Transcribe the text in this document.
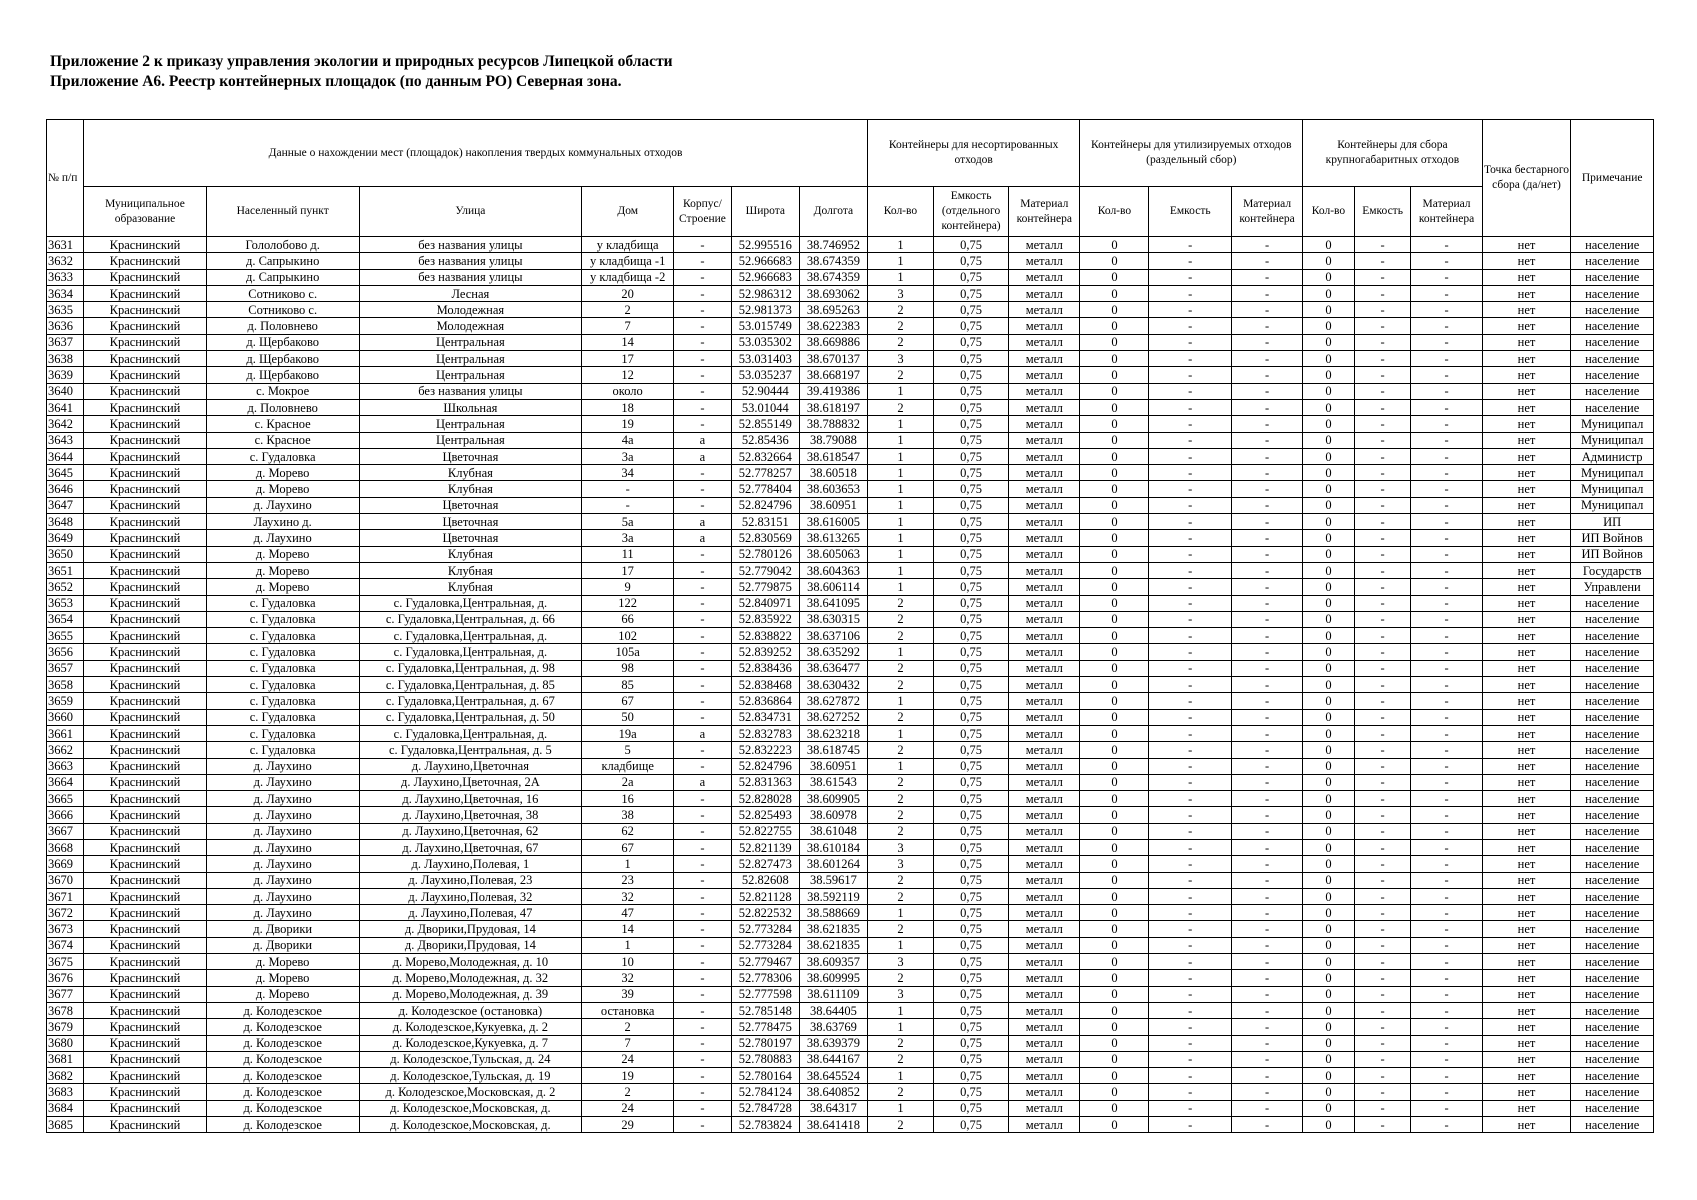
Приложение 2 к приказу управления экологии и природных ресурсов Липецкой области
Приложение А6. Реестр контейнерных площадок (по данным РО) Северная зона.
№ п/п	Данные о нахождении мест (площадок) накопления твердых коммунальных отходов							Контейнеры для несортированных отходов			Контейнеры для утилизируемых отходов (раздельный сбор)			Контейнеры для сбора крупногабаритных отходов			Точка бестарного сбора (да/нет)	Примечание
	Муниципальное образование	Населенный пункт	Улица	Дом	Корпус/ Строение	Широта	Долгота	Кол-во	Емкость (отдельного контейнера)	Материал контейнера	Кол-во	Емкость	Материал контейнера	Кол-во	Емкость	Материал контейнера		
3631	Краснинский	Гололобово д.	без названия улицы	у кладбища	-	52.995516	38.746952	1	0,75	металл	0	-	-	0	-	-	нет	население
3632	Краснинский	д. Сапрыкино	без названия улицы	у кладбища -1	-	52.966683	38.674359	1	0,75	металл	0	-	-	0	-	-	нет	население
3633	Краснинский	д. Сапрыкино	без названия улицы	у кладбища -2	-	52.966683	38.674359	1	0,75	металл	0	-	-	0	-	-	нет	население
3634	Краснинский	Сотниково с.	Лесная	20	-	52.986312	38.693062	3	0,75	металл	0	-	-	0	-	-	нет	население
3635	Краснинский	Сотниково с.	Молодежная	2	-	52.981373	38.695263	2	0,75	металл	0	-	-	0	-	-	нет	население
3636	Краснинский	д. Половнево	Молодежная	7	-	53.015749	38.622383	2	0,75	металл	0	-	-	0	-	-	нет	население
3637	Краснинский	д. Щербаково	Центральная	14	-	53.035302	38.669886	2	0,75	металл	0	-	-	0	-	-	нет	население
3638	Краснинский	д. Щербаково	Центральная	17	-	53.031403	38.670137	3	0,75	металл	0	-	-	0	-	-	нет	население
3639	Краснинский	д. Щербаково	Центральная	12	-	53.035237	38.668197	2	0,75	металл	0	-	-	0	-	-	нет	население
3640	Краснинский	с. Мокрое	без названия улицы	около	-	52.90444	39.419386	1	0,75	металл	0	-	-	0	-	-	нет	население
3641	Краснинский	д. Половнево	Школьная	18	-	53.01044	38.618197	2	0,75	металл	0	-	-	0	-	-	нет	население
3642	Краснинский	с. Красное	Центральная	19	-	52.855149	38.788832	1	0,75	металл	0	-	-	0	-	-	нет	Муниципал
3643	Краснинский	с. Красное	Центральная	4а	а	52.85436	38.79088	1	0,75	металл	0	-	-	0	-	-	нет	Муниципал
3644	Краснинский	с. Гудаловка	Цветочная	3а	а	52.832664	38.618547	1	0,75	металл	0	-	-	0	-	-	нет	Администр
3645	Краснинский	д. Морево	Клубная	34	-	52.778257	38.60518	1	0,75	металл	0	-	-	0	-	-	нет	Муниципал
3646	Краснинский	д. Морево	Клубная	-	-	52.778404	38.603653	1	0,75	металл	0	-	-	0	-	-	нет	Муниципал
3647	Краснинский	д. Лаухино	Цветочная	-	-	52.824796	38.60951	1	0,75	металл	0	-	-	0	-	-	нет	Муниципал
3648	Краснинский	Лаухино д.	Цветочная	5а	а	52.83151	38.616005	1	0,75	металл	0	-	-	0	-	-	нет	ИП
3649	Краснинский	д. Лаухино	Цветочная	3а	а	52.830569	38.613265	1	0,75	металл	0	-	-	0	-	-	нет	ИП Войнов
3650	Краснинский	д. Морево	Клубная	11	-	52.780126	38.605063	1	0,75	металл	0	-	-	0	-	-	нет	ИП Войнов
3651	Краснинский	д. Морево	Клубная	17	-	52.779042	38.604363	1	0,75	металл	0	-	-	0	-	-	нет	Государств
3652	Краснинский	д. Морево	Клубная	9	-	52.779875	38.606114	1	0,75	металл	0	-	-	0	-	-	нет	Управлени
3653	Краснинский	с. Гудаловка	с. Гудаловка,Центральная, д.	122	-	52.840971	38.641095	2	0,75	металл	0	-	-	0	-	-	нет	население
3654	Краснинский	с. Гудаловка	с. Гудаловка,Центральная, д. 66	66	-	52.835922	38.630315	2	0,75	металл	0	-	-	0	-	-	нет	население
3655	Краснинский	с. Гудаловка	с. Гудаловка,Центральная, д.	102	-	52.838822	38.637106	2	0,75	металл	0	-	-	0	-	-	нет	население
3656	Краснинский	с. Гудаловка	с. Гудаловка,Центральная, д.	105а	-	52.839252	38.635292	1	0,75	металл	0	-	-	0	-	-	нет	население
3657	Краснинский	с. Гудаловка	с. Гудаловка,Центральная, д. 98	98	-	52.838436	38.636477	2	0,75	металл	0	-	-	0	-	-	нет	население
3658	Краснинский	с. Гудаловка	с. Гудаловка,Центральная, д. 85	85	-	52.838468	38.630432	2	0,75	металл	0	-	-	0	-	-	нет	население
3659	Краснинский	с. Гудаловка	с. Гудаловка,Центральная, д. 67	67	-	52.836864	38.627872	1	0,75	металл	0	-	-	0	-	-	нет	население
3660	Краснинский	с. Гудаловка	с. Гудаловка,Центральная, д. 50	50	-	52.834731	38.627252	2	0,75	металл	0	-	-	0	-	-	нет	население
3661	Краснинский	с. Гудаловка	с. Гудаловка,Центральная, д.	19а	а	52.832783	38.623218	1	0,75	металл	0	-	-	0	-	-	нет	население
3662	Краснинский	с. Гудаловка	с. Гудаловка,Центральная, д. 5	5	-	52.832223	38.618745	2	0,75	металл	0	-	-	0	-	-	нет	население
3663	Краснинский	д. Лаухино	д. Лаухино,Цветочная	кладбище	-	52.824796	38.60951	1	0,75	металл	0	-	-	0	-	-	нет	население
3664	Краснинский	д. Лаухино	д. Лаухино,Цветочная, 2А	2а	а	52.831363	38.61543	2	0,75	металл	0	-	-	0	-	-	нет	население
3665	Краснинский	д. Лаухино	д. Лаухино,Цветочная, 16	16	-	52.828028	38.609905	2	0,75	металл	0	-	-	0	-	-	нет	население
3666	Краснинский	д. Лаухино	д. Лаухино,Цветочная, 38	38	-	52.825493	38.60978	2	0,75	металл	0	-	-	0	-	-	нет	население
3667	Краснинский	д. Лаухино	д. Лаухино,Цветочная, 62	62	-	52.822755	38.61048	2	0,75	металл	0	-	-	0	-	-	нет	население
3668	Краснинский	д. Лаухино	д. Лаухино,Цветочная, 67	67	-	52.821139	38.610184	3	0,75	металл	0	-	-	0	-	-	нет	население
3669	Краснинский	д. Лаухино	д. Лаухино,Полевая, 1	1	-	52.827473	38.601264	3	0,75	металл	0	-	-	0	-	-	нет	население
3670	Краснинский	д. Лаухино	д. Лаухино,Полевая, 23	23	-	52.82608	38.59617	2	0,75	металл	0	-	-	0	-	-	нет	население
3671	Краснинский	д. Лаухино	д. Лаухино,Полевая, 32	32	-	52.821128	38.592119	2	0,75	металл	0	-	-	0	-	-	нет	население
3672	Краснинский	д. Лаухино	д. Лаухино,Полевая, 47	47	-	52.822532	38.588669	1	0,75	металл	0	-	-	0	-	-	нет	население
3673	Краснинский	д. Дворики	д. Дворики,Прудовая, 14	14	-	52.773284	38.621835	2	0,75	металл	0	-	-	0	-	-	нет	население
3674	Краснинский	д. Дворики	д. Дворики,Прудовая, 14	1	-	52.773284	38.621835	1	0,75	металл	0	-	-	0	-	-	нет	население
3675	Краснинский	д. Морево	д. Морево,Молодежная, д. 10	10	-	52.779467	38.609357	3	0,75	металл	0	-	-	0	-	-	нет	население
3676	Краснинский	д. Морево	д. Морево,Молодежная, д. 32	32	-	52.778306	38.609995	2	0,75	металл	0	-	-	0	-	-	нет	население
3677	Краснинский	д. Морево	д. Морево,Молодежная, д. 39	39	-	52.777598	38.611109	3	0,75	металл	0	-	-	0	-	-	нет	население
3678	Краснинский	д. Колодезское	д. Колодезское (остановка)	остановка	-	52.785148	38.64405	1	0,75	металл	0	-	-	0	-	-	нет	население
3679	Краснинский	д. Колодезское	д. Колодезское,Кукуевка, д. 2	2	-	52.778475	38.63769	1	0,75	металл	0	-	-	0	-	-	нет	население
3680	Краснинский	д. Колодезское	д. Колодезское,Кукуевка, д. 7	7	-	52.780197	38.639379	2	0,75	металл	0	-	-	0	-	-	нет	население
3681	Краснинский	д. Колодезское	д. Колодезское,Тульская, д. 24	24	-	52.780883	38.644167	2	0,75	металл	0	-	-	0	-	-	нет	население
3682	Краснинский	д. Колодезское	д. Колодезское,Тульская, д. 19	19	-	52.780164	38.645524	1	0,75	металл	0	-	-	0	-	-	нет	население
3683	Краснинский	д. Колодезское	д. Колодезское,Московская, д. 2	2	-	52.784124	38.640852	2	0,75	металл	0	-	-	0	-	-	нет	население
3684	Краснинский	д. Колодезское	д. Колодезское,Московская, д.	24	-	52.784728	38.64317	1	0,75	металл	0	-	-	0	-	-	нет	население
3685	Краснинский	д. Колодезское	д. Колодезское,Московская, д.	29	-	52.783824	38.641418	2	0,75	металл	0	-	-	0	-	-	нет	население
